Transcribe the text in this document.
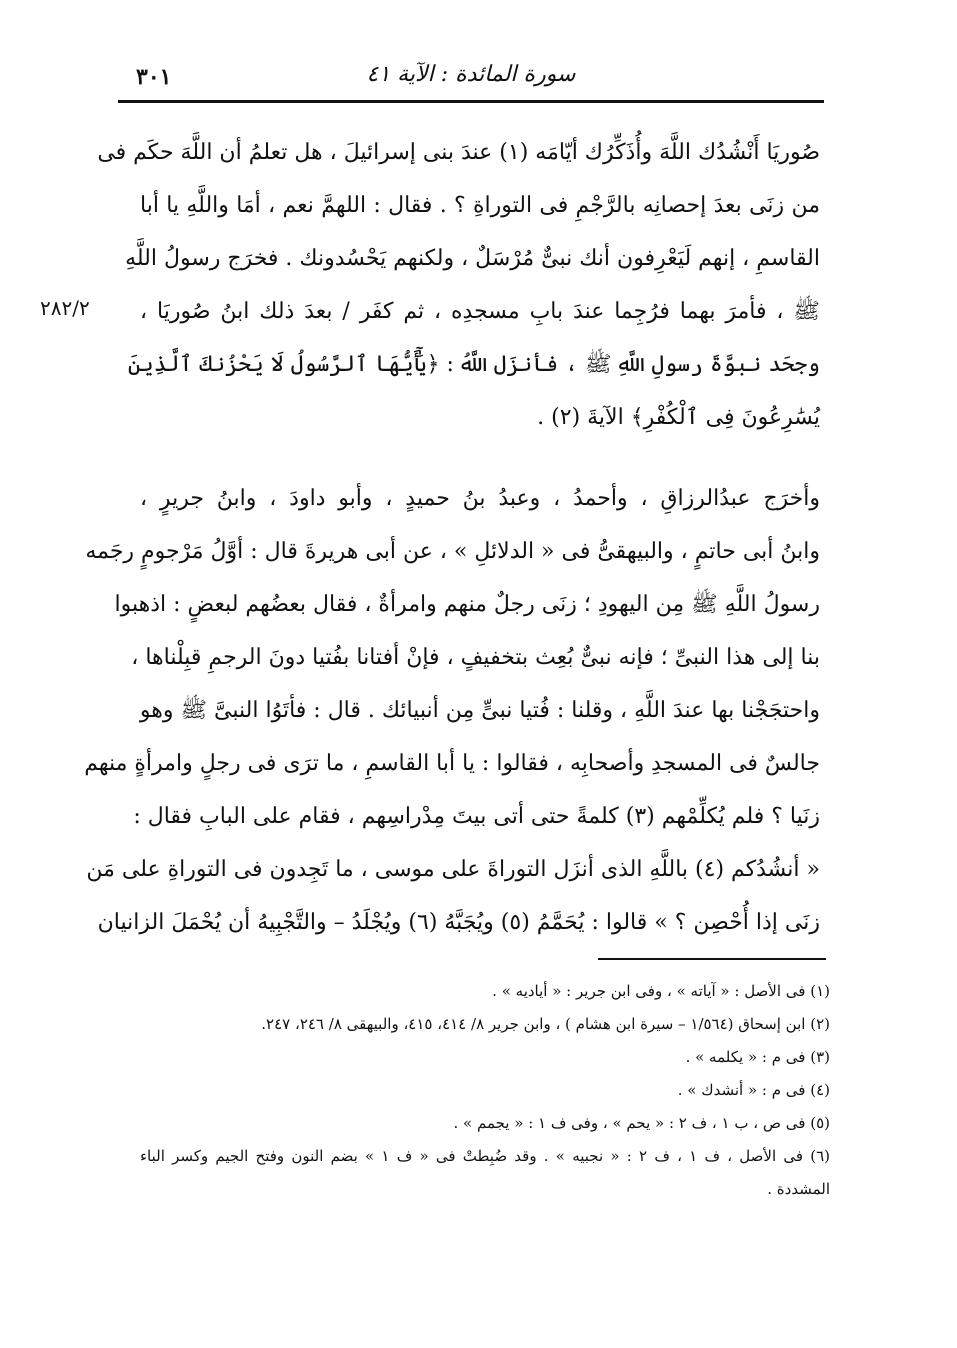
٣٠١	سورة المائدة : الآية ٤١
٢٨٢/٢
صُوريَا أَنْشُدُك اللَّهَ وأُذَكِّرُك أيّامَه (١) عندَ بنى إسرائيلَ ، هل تعلمُ أن اللَّهَ حكَم فى
من زنَى بعدَ إحصانِه بالرَّجْمِ فى التوراةِ ؟ . فقال : اللهمَّ نعم ، أمَا واللَّهِ يا أبا
القاسمِ ، إنهم لَيَعْرِفون أنك نبىٌّ مُرْسَلٌ ، ولكنهم يَحْسُدونك . فخرَج رسولُ اللَّهِ
ﷺ ، فأمرَ بهما فرُجِما عندَ بابِ مسجدِه ، ثم كفَر / بعدَ ذلك ابنُ صُوريَا ،
وجحَد نبوَّةَ رسولِ اللَّهِ ﷺ ، فأنزَل اللَّهُ : ﴿يَٰٓأَيُّهَا ٱلرَّسُولُ لَا يَحْزُنكَ ٱلَّذِينَ
يُسَٰرِعُونَ فِى ٱلْكُفْرِ﴾ الآيةَ (٢) .
وأخرَج عبدُالرزاقِ ، وأحمدُ ، وعبدُ بنُ حميدٍ ، وأبو داودَ ، وابنُ جريرٍ ،
وابنُ أبى حاتمٍ ، والبيهقىُّ فى « الدلائلِ » ، عن أبى هريرةَ قال : أوَّلُ مَرْجومٍ رجَمه
رسولُ اللَّهِ ﷺ مِن اليهودِ ؛ زنَى رجلٌ منهم وامرأةٌ ، فقال بعضُهم لبعضٍ : اذهبوا
بنا إلى هذا النبىِّ ؛ فإنه نبىٌّ بُعِث بتخفيفٍ ، فإنْ أفتانا بفُتيا دونَ الرجمِ قبِلْناها ،
واحتجَجْنا بها عندَ اللَّهِ ، وقلنا : فُتيا نبىٍّ مِن أنبيائك . قال : فأتَوُا النبىَّ ﷺ وهو
جالسٌ فى المسجدِ وأصحابِه ، فقالوا : يا أبا القاسمِ ، ما ترَى فى رجلٍ وامرأةٍ منهم
زنَيا ؟ فلم يُكلِّمْهم (٣) كلمةً حتى أتى بيتَ مِدْراسِهم ، فقام على البابِ فقال :
« أنشُدُكم (٤) باللَّهِ الذى أنزَل التوراةَ على موسى ، ما تَجِدون فى التوراةِ على مَن
زنَى إذا أُحْصِن ؟ » قالوا : يُحَمَّمُ (٥) ويُجَبَّهُ (٦) ويُجْلَدُ – والتَّجْبِيهُ أن يُحْمَلَ الزانيان
(١) فى الأصل : « آياته » ، وفى ابن جرير : « أياديه » .
(٢) ابن إسحاق (١/٥٦٤ – سيرة ابن هشام ) ، وابن جرير ٨/ ٤١٤، ٤١٥، والبيهقى ٨/ ٢٤٦، ٢٤٧.
(٣) فى م : « يكلمه » .
(٤) فى م : « أنشدك » .
(٥) فى ص ، ب ١ ، ف ٢ : « يحم » ، وفى ف ١ : « يجمم » .
(٦) فى الأصل ، ف ١ ، ف ٢ : « نجبيه » . وقد ضُبِطتْ فى « ف ١ » بضم النون وفتح الجيم وكسر الباء
المشددة .
